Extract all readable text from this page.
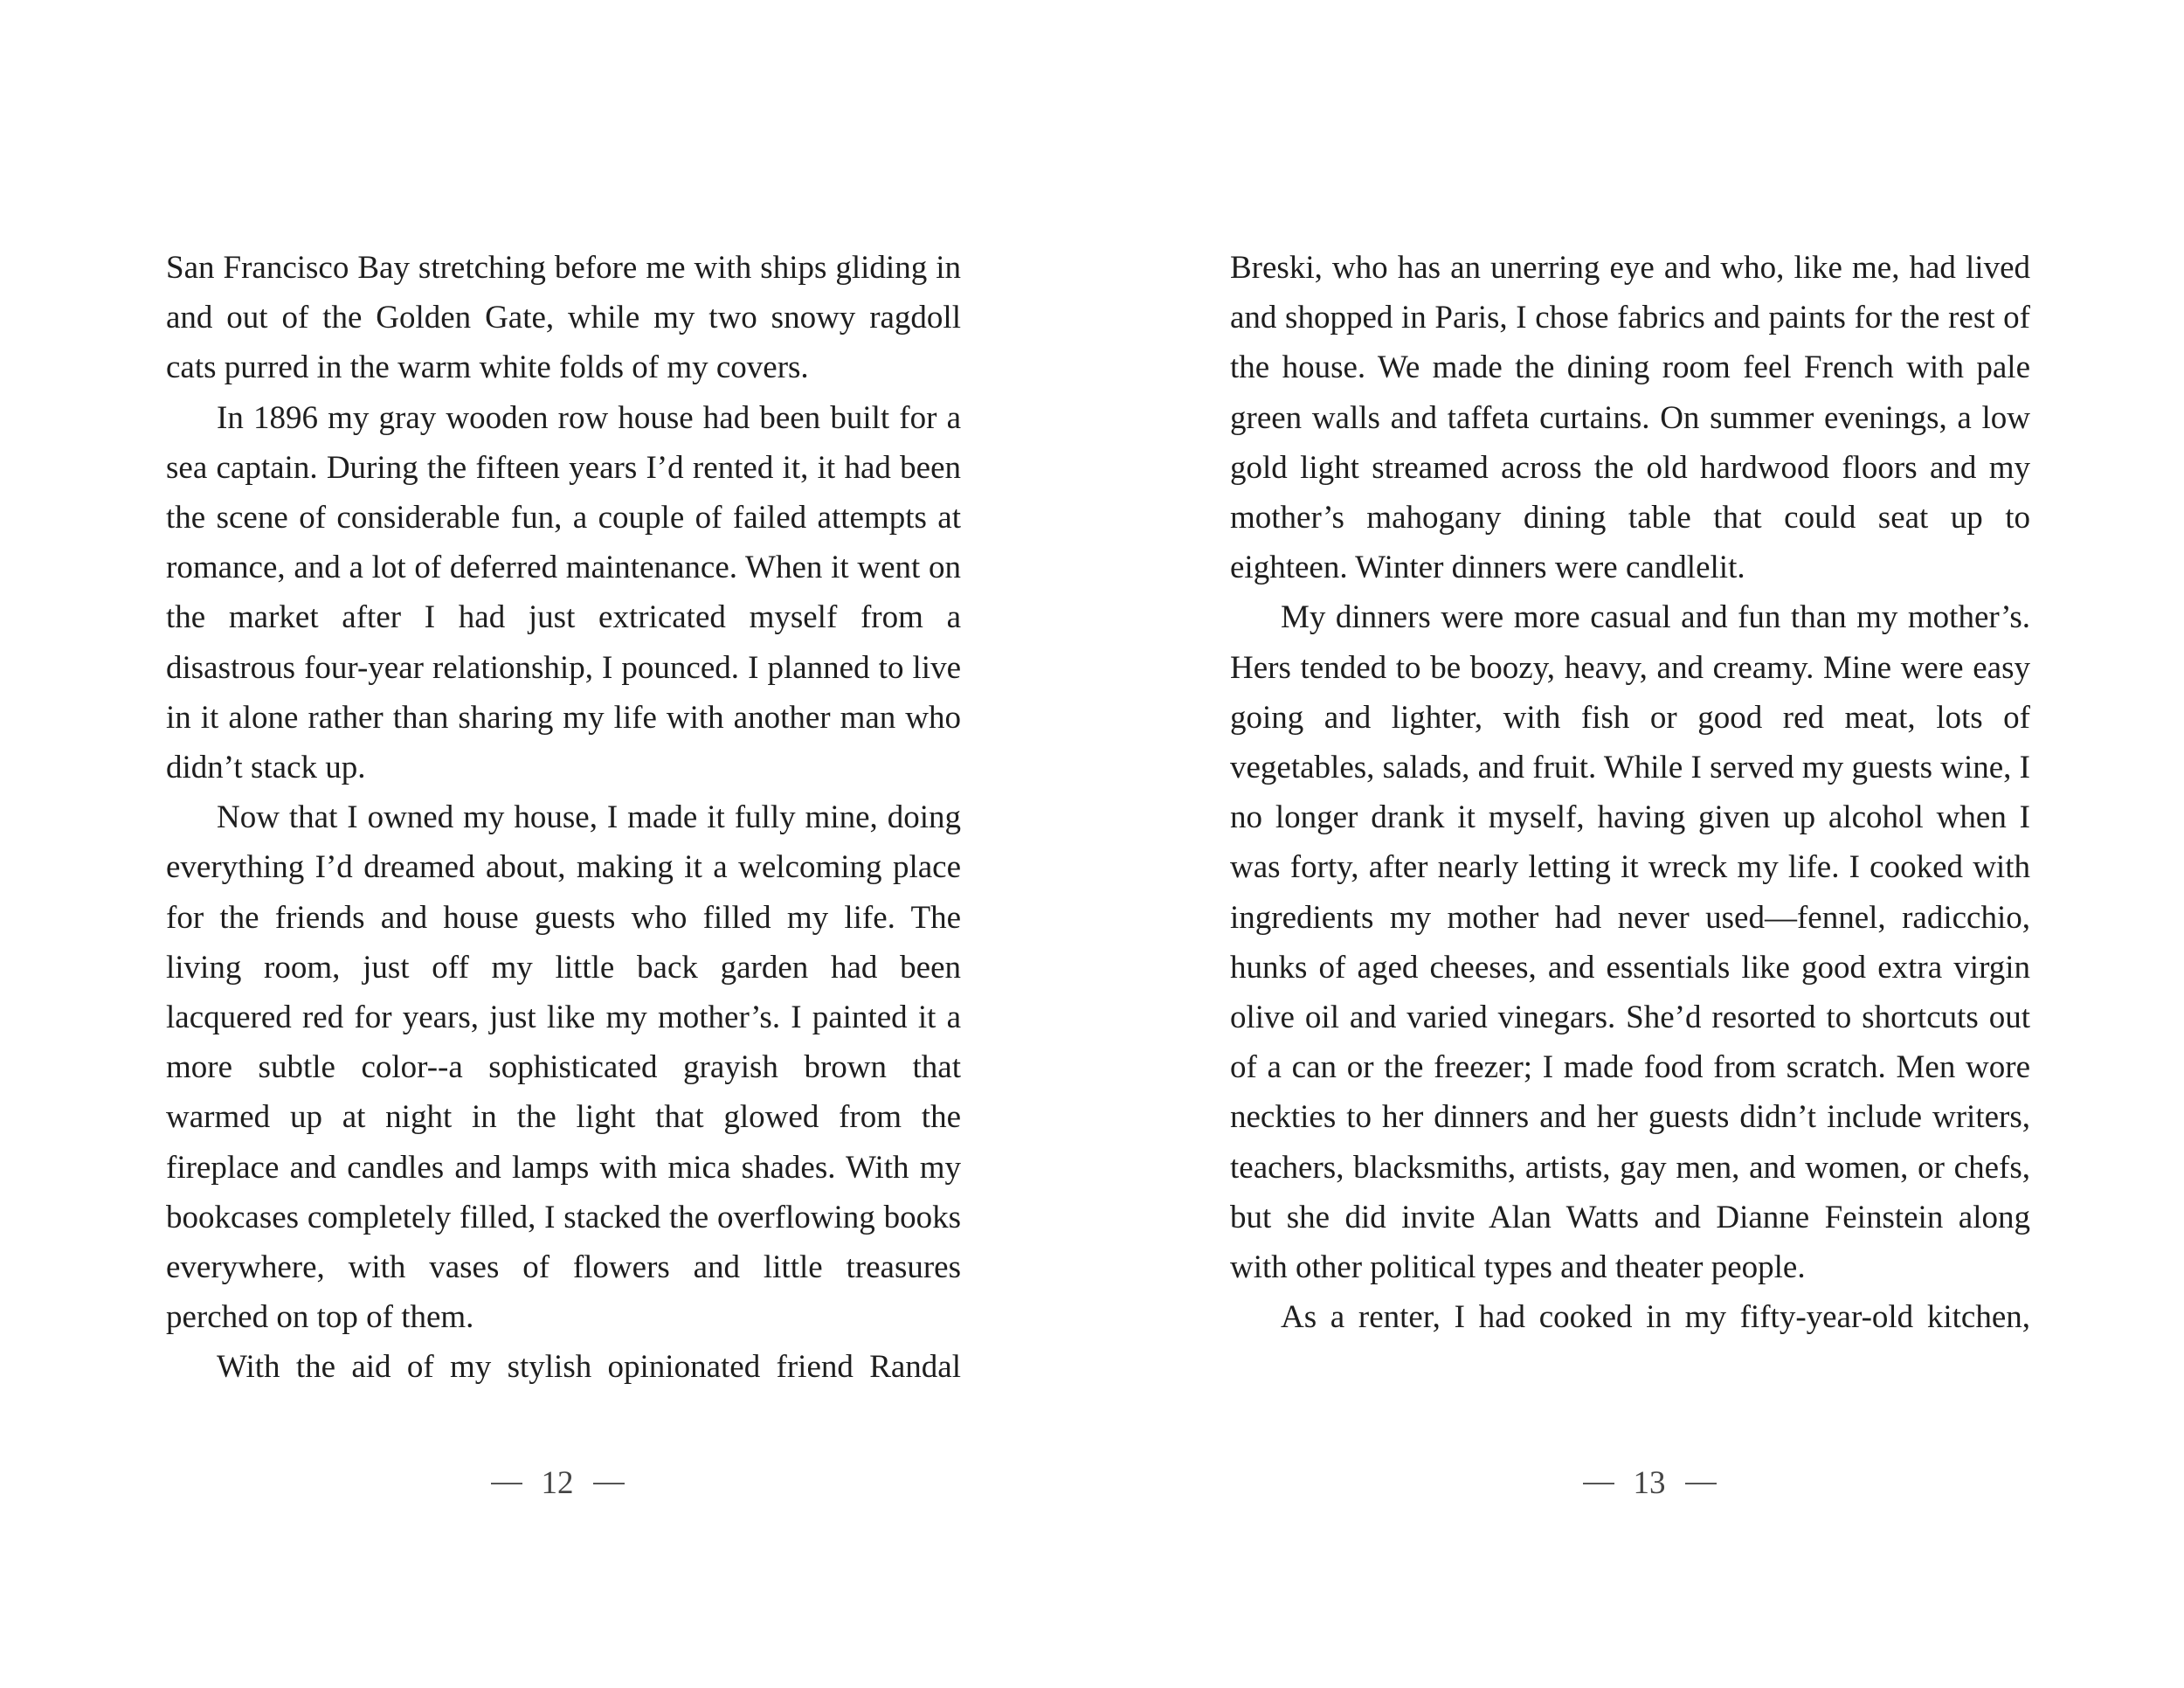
San Francisco Bay stretching before me with ships gliding in and out of the Golden Gate, while my two snowy ragdoll cats purred in the warm white folds of my covers.

In 1896 my gray wooden row house had been built for a sea captain. During the fifteen years I’d rented it, it had been the scene of considerable fun, a couple of failed attempts at romance, and a lot of deferred maintenance. When it went on the market after I had just extricated myself from a disastrous four-year relationship, I pounced. I planned to live in it alone rather than sharing my life with another man who didn’t stack up.

Now that I owned my house, I made it fully mine, doing everything I’d dreamed about, making it a welcoming place for the friends and house guests who filled my life. The living room, just off my little back garden had been lacquered red for years, just like my mother’s. I painted it a more subtle color--a sophisticated grayish brown that warmed up at night in the light that glowed from the fireplace and candles and lamps with mica shades. With my bookcases completely filled, I stacked the overflowing books everywhere, with vases of flowers and little treasures perched on top of them.

With the aid of my stylish opinionated friend Randal

12

Breski, who has an unerring eye and who, like me, had lived and shopped in Paris, I chose fabrics and paints for the rest of the house. We made the dining room feel French with pale green walls and taffeta curtains. On summer evenings, a low gold light streamed across the old hardwood floors and my mother’s mahogany dining table that could seat up to eighteen. Winter dinners were candlelit.

My dinners were more casual and fun than my mother’s. Hers tended to be boozy, heavy, and creamy. Mine were easy going and lighter, with fish or good red meat, lots of vegetables, salads, and fruit. While I served my guests wine, I no longer drank it myself, having given up alcohol when I was forty, after nearly letting it wreck my life. I cooked with ingredients my mother had never used—fennel, radicchio, hunks of aged cheeses, and essentials like good extra virgin olive oil and varied vinegars. She’d resorted to shortcuts out of a can or the freezer; I made food from scratch. Men wore neckties to her dinners and her guests didn’t include writers, teachers, blacksmiths, artists, gay men, and women, or chefs, but she did invite Alan Watts and Dianne Feinstein along with other political types and theater people.

As a renter, I had cooked in my fifty-year-old kitchen,

13
